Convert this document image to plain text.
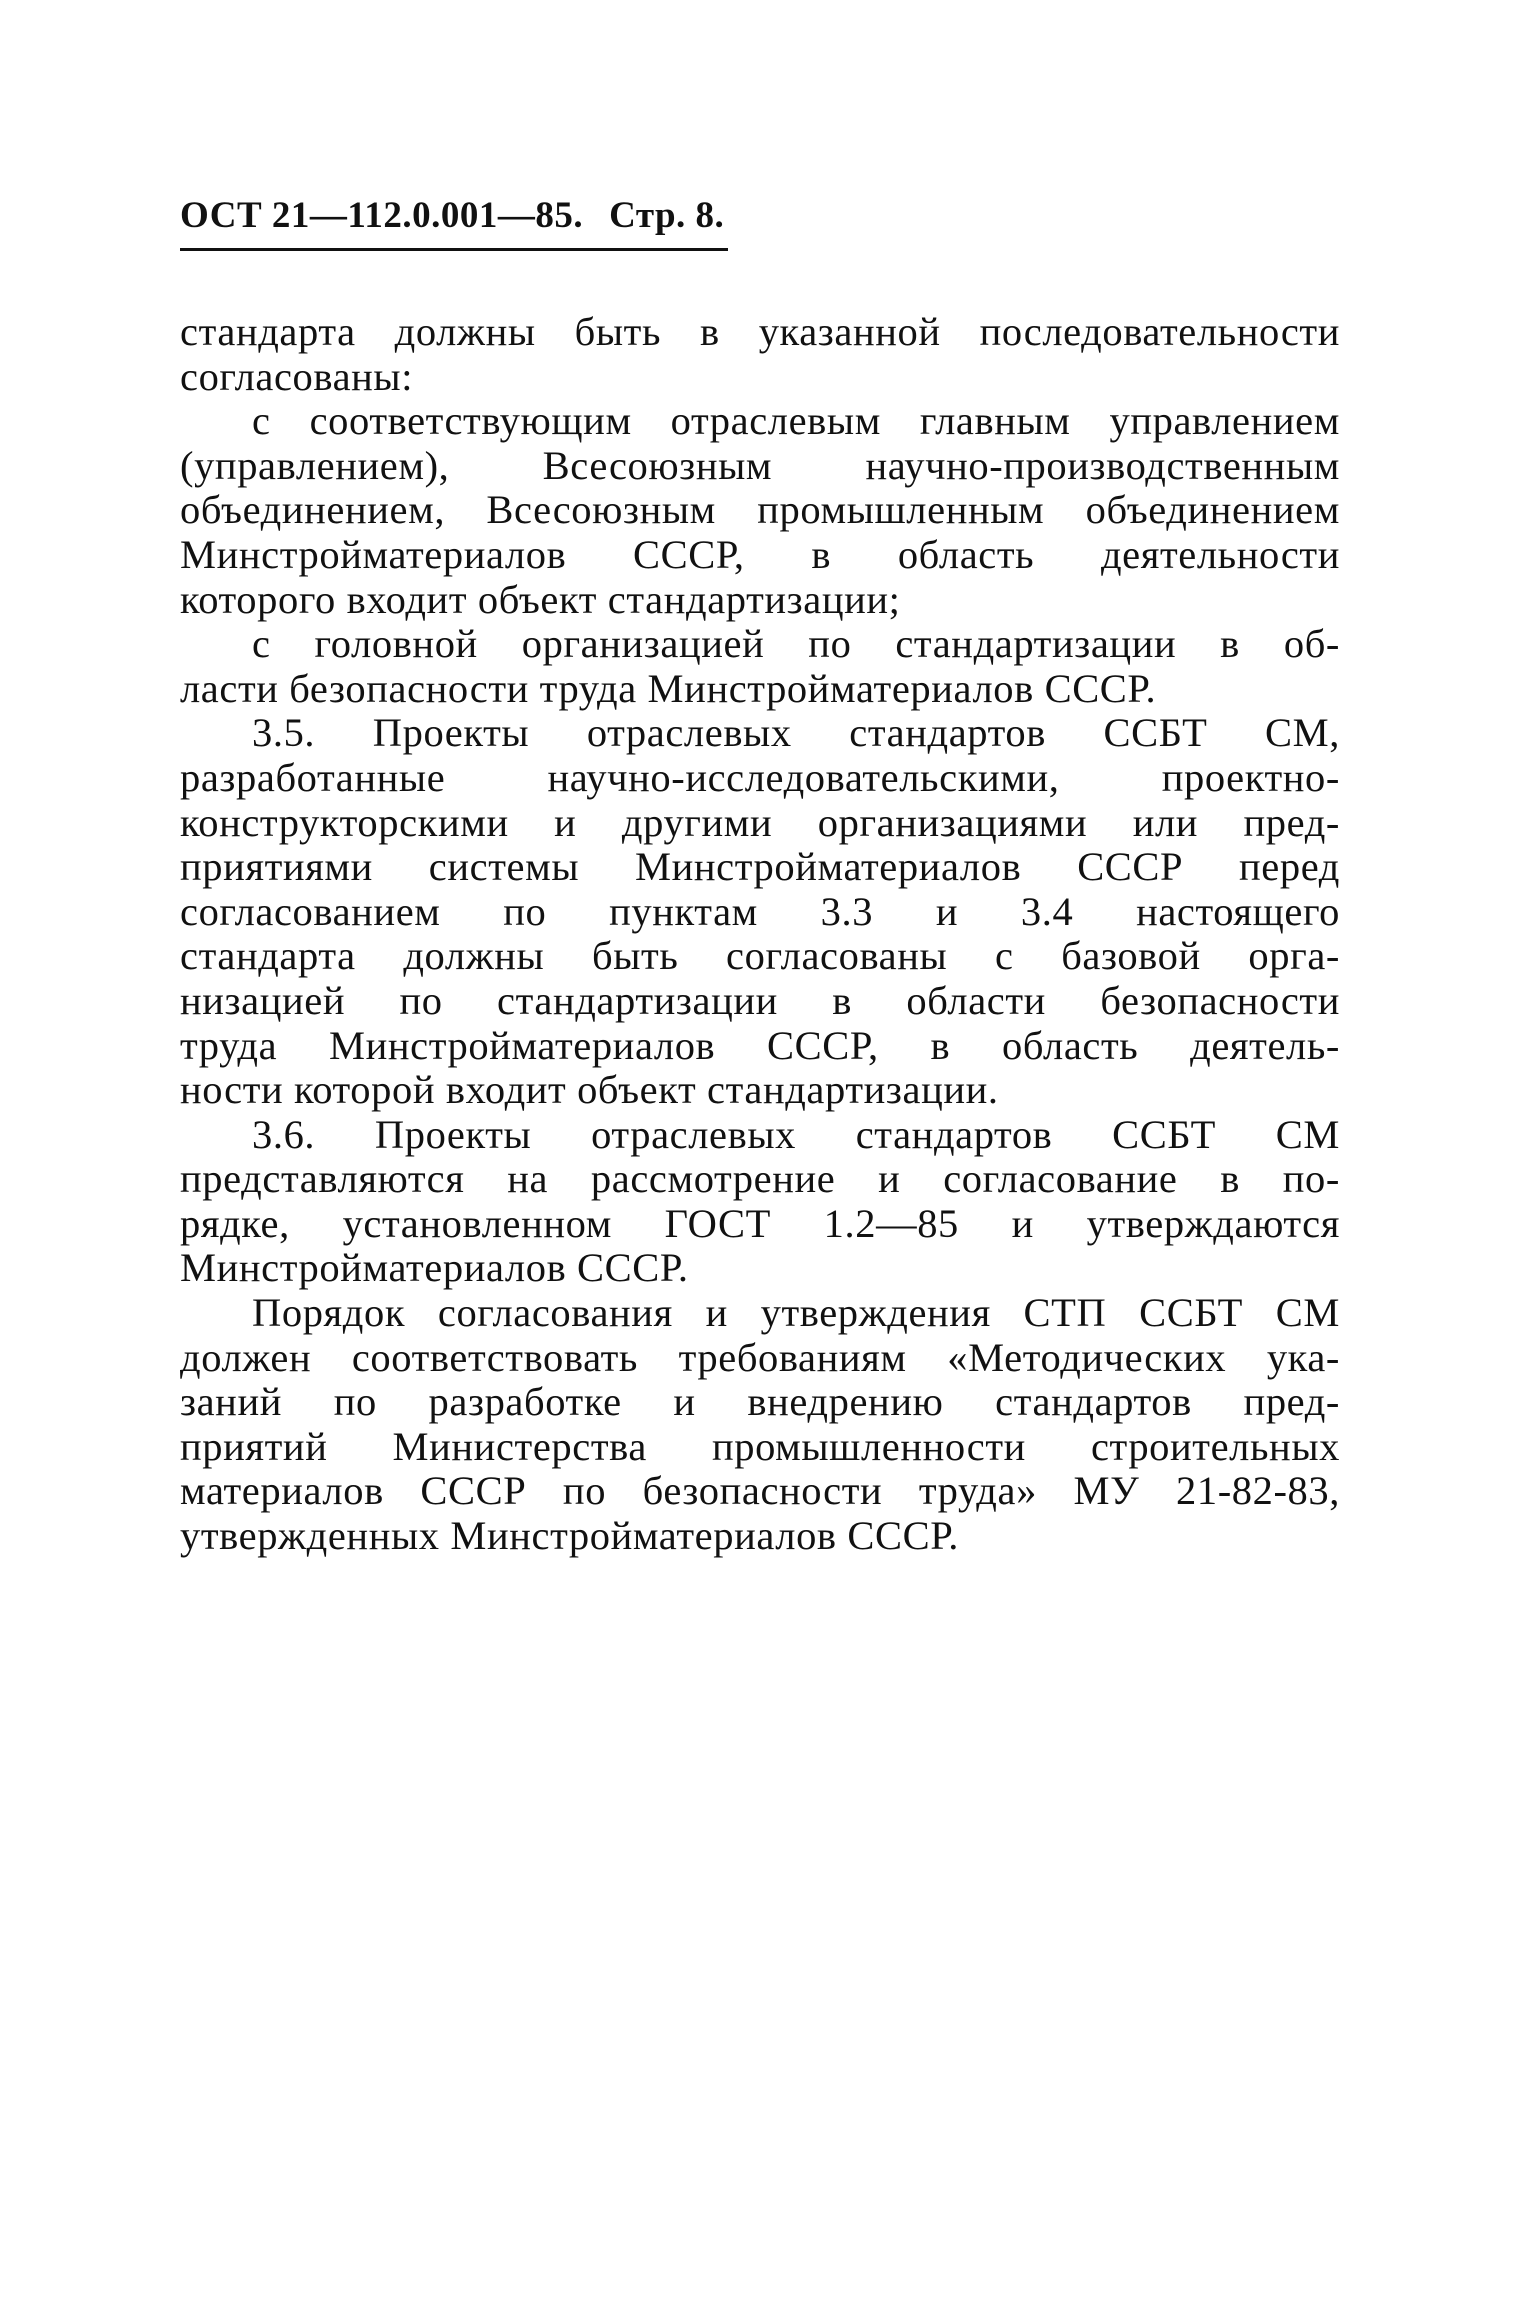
ОСТ 21—112.0.001—85. Стр. 8.

стандарта должны быть в указанной последовательности

согласованы:

с соответствующим отраслевым главным управлением

(управлением), Всесоюзным научно-производственным

объединением, Всесоюзным промышленным объединением

Минстройматериалов СССР, в область деятельности

которого входит объект стандартизации;

с головной организацией по стандартизации в об-

ласти безопасности труда Минстройматериалов СССР.

3.5. Проекты отраслевых стандартов ССБТ СМ,

разработанные научно-исследовательскими, проектно-

конструкторскими и другими организациями или пред-

приятиями системы Минстройматериалов СССР перед

согласованием по пунктам 3.3 и 3.4 настоящего

стандарта должны быть согласованы с базовой орга-

низацией по стандартизации в области безопасности

труда Минстройматериалов СССР, в область деятель-

ности которой входит объект стандартизации.

3.6. Проекты отраслевых стандартов ССБТ СМ

представляются на рассмотрение и согласование в по-

рядке, установленном ГОСТ 1.2—85 и утверждаются

Минстройматериалов СССР.

Порядок согласования и утверждения СТП ССБТ СМ

должен соответствовать требованиям «Методических ука-

заний по разработке и внедрению стандартов пред-

приятий Министерства промышленности строительных

материалов СССР по безопасности труда» МУ 21-82-83,

утвержденных Минстройматериалов СССР.
